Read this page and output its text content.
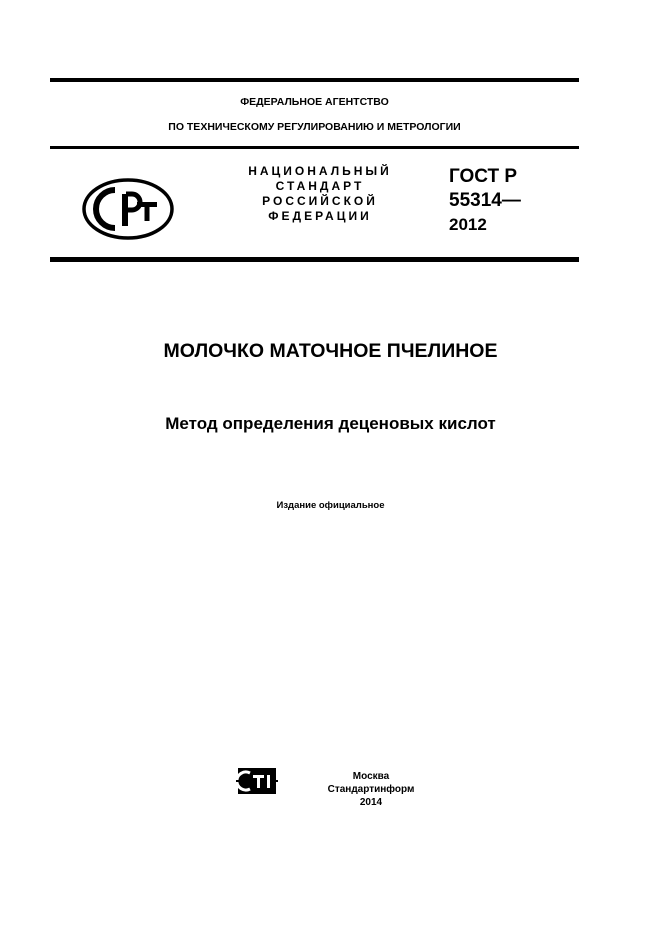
ФЕДЕРАЛЬНОЕ АГЕНТСТВО
ПО ТЕХНИЧЕСКОМУ РЕГУЛИРОВАНИЮ И МЕТРОЛОГИИ
НАЦИОНАЛЬНЫЙ
СТАНДАРТ
РОССИЙСКОЙ
ФЕДЕРАЦИИ
ГОСТ Р
55314—
2012
МОЛОЧКО МАТОЧНОЕ ПЧЕЛИНОЕ
Метод определения деценовых кислот
Издание официальное
Москва
Стандартинформ
2014
